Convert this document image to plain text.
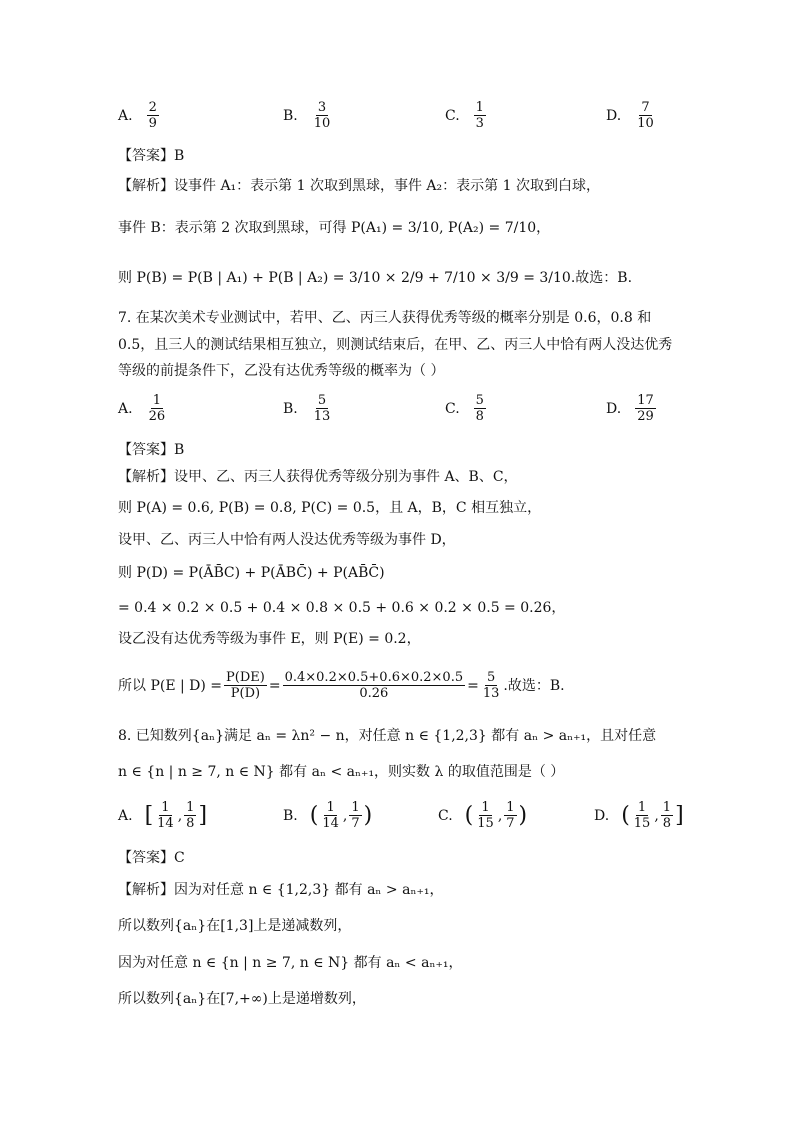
A. $\frac{2}{9}$	B. $\frac{3}{10}$	C. $\frac{1}{3}$	D. $\frac{7}{10}$
【答案】B
【解析】设事件 A₁：表示第 1 次取到黑球，事件 A₂：表示第 1 次取到白球，
事件 B：表示第 2 次取到黑球，可得 P(A₁) = 3/10, P(A₂) = 7/10，
则 P(B) = P(B | A₁) + P(B | A₂) = 3/10 × 2/9 + 7/10 × 3/9 = 3/10.故选：B.
7. 在某次美术专业测试中，若甲、乙、丙三人获得优秀等级的概率分别是 0.6，0.8 和
0.5，且三人的测试结果相互独立，则测试结束后，在甲、乙、丙三人中恰有两人没达优秀
等级的前提条件下，乙没有达优秀等级的概率为（ ）
A. $\frac{1}{26}$	B. $\frac{5}{13}$	C. $\frac{5}{8}$	D. $\frac{17}{29}$
【答案】B
【解析】设甲、乙、丙三人获得优秀等级分别为事件 A、B、C，
则 P(A) = 0.6, P(B) = 0.8, P(C) = 0.5，且 A，B，C 相互独立，
设甲、乙、丙三人中恰有两人没达优秀等级为事件 D，
则 P(D) = P(ĀB̄C) + P(ĀBC̄) + P(AB̄C̄)
= 0.4 × 0.2 × 0.5 + 0.4 × 0.8 × 0.5 + 0.6 × 0.2 × 0.5 = 0.26，
设乙没有达优秀等级为事件 E，则 P(E) = 0.2，
所以 P(E | $D) = \frac{P(DE)}{P(D)} = \frac{0.4\times 0.2\times 0.5+0.6\times 0.2\times 0.5}{0.26} = \frac{5}{13}$ .故选：B.
8. 已知数列{aₙ}满足 aₙ = λn² − n，对任意 n ∈ {1,2,3} 都有 aₙ > aₙ₊₁，且对任意
n ∈ {n | n ≥ 7, n ∈ N} 都有 aₙ < aₙ₊₁，则实数 λ 的取值范围是（ ）
A. [ $\frac{1}{14}$ , $\frac{1}{8}$ ]	B. ( $\frac{1}{14}$ , $\frac{1}{7}$ )	C. ( $\frac{1}{15}$ , $\frac{1}{7}$ )	D. ( $\frac{1}{15}$ , $\frac{1}{8}$ ]
【答案】C
【解析】因为对任意 n ∈ {1,2,3} 都有 aₙ > aₙ₊₁，
所以数列{aₙ}在[1,3]上是递减数列，
因为对任意 n ∈ {n | n ≥ 7, n ∈ N} 都有 aₙ < aₙ₊₁，
所以数列{aₙ}在[7,+∞)上是递增数列，
